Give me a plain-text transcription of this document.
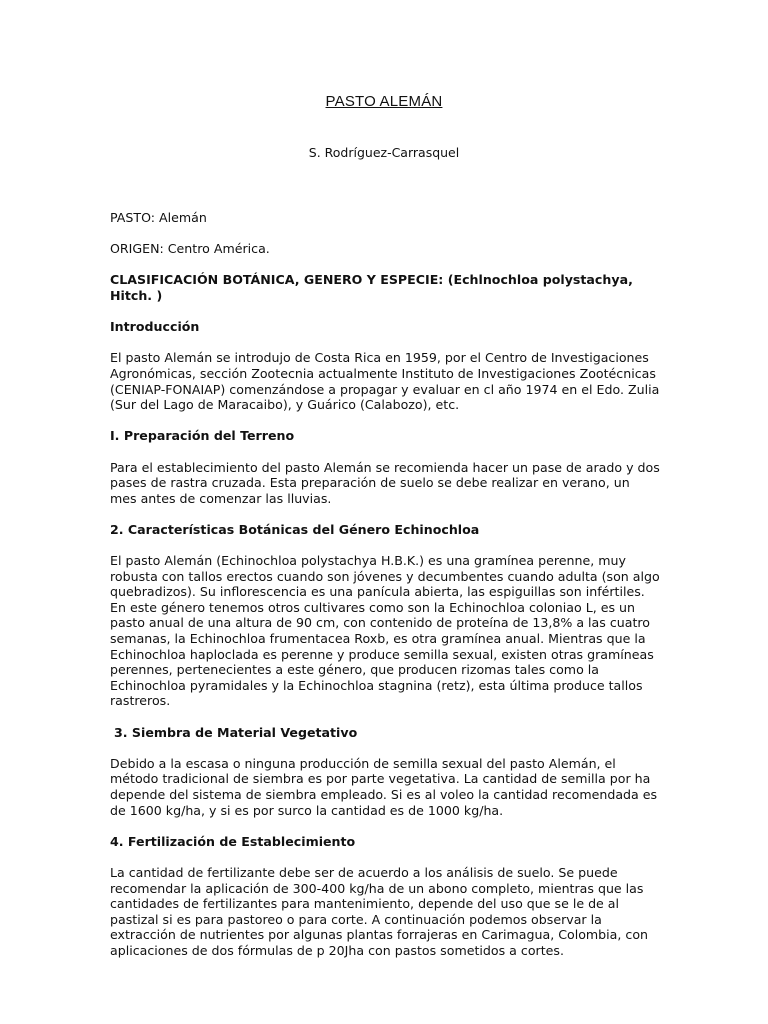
PASTO ALEMÁN
S. Rodríguez-Carrasquel

PASTO: Alemán

ORIGEN: Centro América.

CLASIFICACIÓN BOTÁNICA, GENERO Y ESPECIE: (Echlnochloa polystachya, Hitch. )
Introducción

El pasto Alemán se introdujo de Costa Rica en 1959, por el Centro de Investigaciones Agronómicas, sección Zootecnia actualmente Instituto de Investigaciones Zootécnicas (CENIAP-FONAIAP) comenzándose a propagar y evaluar en cl año 1974 en el Edo. Zulia (Sur del Lago de Maracaibo), y Guárico (Calabozo), etc.

I. Preparación del Terreno

Para el establecimiento del pasto Alemán se recomienda hacer un pase de arado y dos pases de rastra cruzada. Esta preparación de suelo se debe realizar en verano, un mes antes de comenzar las lluvias.

2. Características Botánicas del Género Echinochloa

El pasto Alemán (Echinochloa polystachya H.B.K.) es una gramínea perenne, muy robusta con tallos erectos cuando son jóvenes y decumbentes cuando adulta (son algo quebradizos). Su inflorescencia es una panícula abierta, las espiguillas son infértiles. En este género tenemos otros cultivares como son la Echinochloa coloniao L, es un pasto anual de una altura de 90 cm, con contenido de proteína de 13,8% a las cuatro semanas, la Echinochloa frumentacea Roxb, es otra gramínea anual. Mientras que la Echinochloa haploclada es perenne y produce semilla sexual, existen otras gramíneas perennes, pertenecientes a este género, que producen rizomas tales como la Echinochloa pyramidales y la Echinochloa stagnina (retz), esta última produce tallos rastreros.

3. Siembra de Material Vegetativo

Debido a la escasa o ninguna producción de semilla sexual del pasto Alemán, el método tradicional de siembra es por parte vegetativa. La cantidad de semilla por ha depende del sistema de siembra empleado. Si es al voleo la cantidad recomendada es de 1600 kg/ha, y si es por surco la cantidad es de 1000 kg/ha.

4. Fertilización de Establecimiento

La cantidad de fertilizante debe ser de acuerdo a los análisis de suelo. Se puede recomendar la aplicación de 300-400 kg/ha de un abono completo, mientras que las cantidades de fertilizantes para mantenimiento, depende del uso que se le de al pastizal si es para pastoreo o para corte. A continuación podemos observar la extracción de nutrientes por algunas plantas forrajeras en Carimagua, Colombia, con aplicaciones de dos fórmulas de p 20Jha con pastos sometidos a cortes.
